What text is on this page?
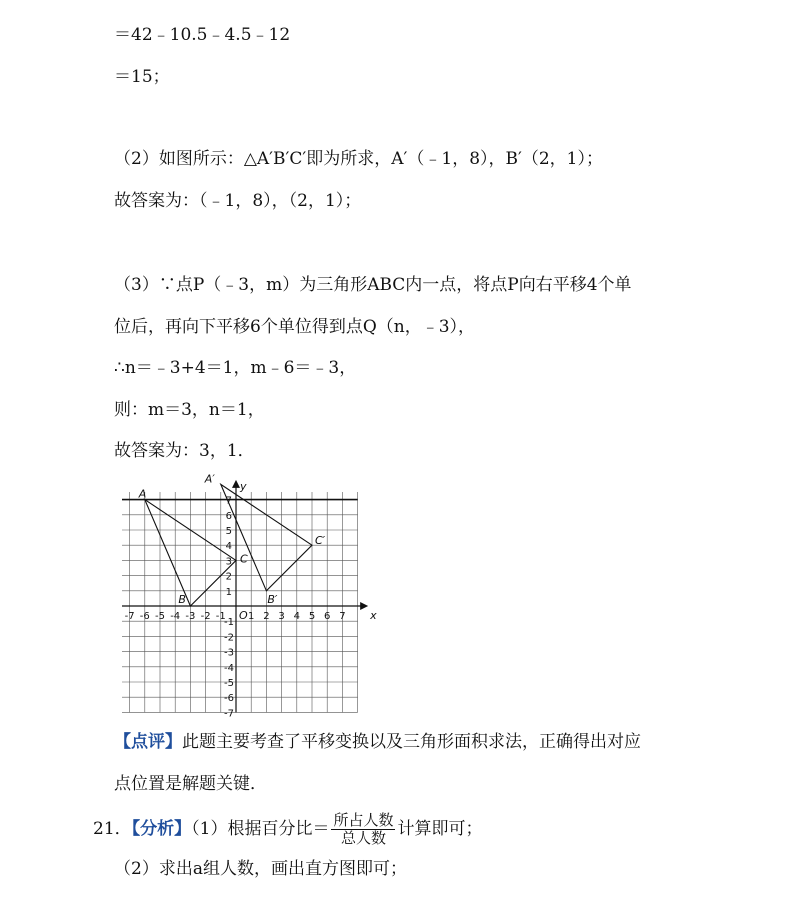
＝42﹣10.5﹣4.5﹣12
＝15；
（2）如图所示：△A′B′C′即为所求，A′（﹣1，8），B′（2，1）；
故答案为：（﹣1，8），（2，1）；
（3）∵点P（﹣3，m）为三角形ABC内一点，将点P向右平移4个单
位后，再向下平移6个单位得到点Q（n，﹣3），
∴n＝﹣3+4＝1，m﹣6＝﹣3，
则：m＝3，n＝1，
故答案为：3，1．
-7 -6 -5 -4 -3 -2 -1 1 2 3 4 5 6 7
1
2
3
4
5
6
7
-1
-2
-3
-4
-5
-6
-7
O	x
y
A
B
C
A′
B′
C′
【点评】此题主要考查了平移变换以及三角形面积求法，正确得出对应
点位置是解题关键．
21．【分析】（1）根据百分比＝ $\frac{\text{所占人数}}{\text{总人数}}$ 计算即可；
（2）求出a组人数，画出直方图即可；
